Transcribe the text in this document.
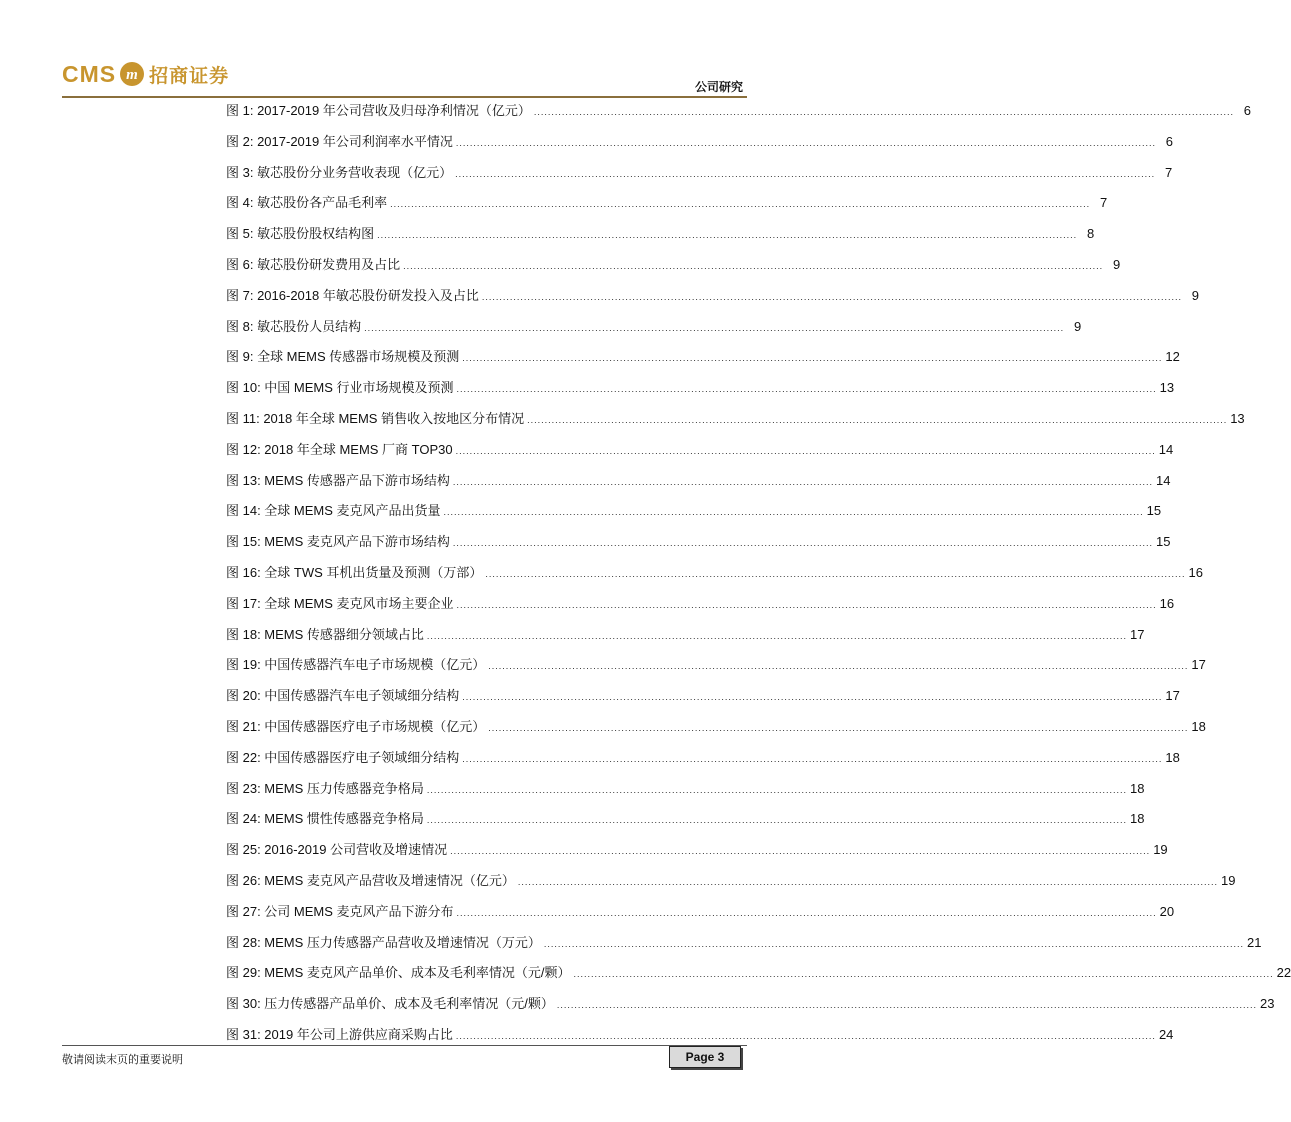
CMS m 招商证券
公司研究
图 1: 2017-2019 年公司营收及归母净利情况（亿元） ........................................................................................................................................................................................................ 6
图 2: 2017-2019 年公司利润率水平情况 ........................................................................................................................................................................................................ 6
图 3: 敏芯股份分业务营收表现（亿元） ........................................................................................................................................................................................................ 7
图 4: 敏芯股份各产品毛利率 ........................................................................................................................................................................................................ 7
图 5: 敏芯股份股权结构图 ........................................................................................................................................................................................................ 8
图 6: 敏芯股份研发费用及占比 ........................................................................................................................................................................................................ 9
图 7: 2016-2018 年敏芯股份研发投入及占比 ........................................................................................................................................................................................................ 9
图 8: 敏芯股份人员结构 ........................................................................................................................................................................................................ 9
图 9: 全球 MEMS 传感器市场规模及预测 ........................................................................................................................................................................................................ 12
图 10: 中国 MEMS 行业市场规模及预测 ........................................................................................................................................................................................................ 13
图 11: 2018 年全球 MEMS 销售收入按地区分布情况 ........................................................................................................................................................................................................ 13
图 12: 2018 年全球 MEMS 厂商 TOP30 ........................................................................................................................................................................................................ 14
图 13: MEMS 传感器产品下游市场结构 ........................................................................................................................................................................................................ 14
图 14: 全球 MEMS 麦克风产品出货量 ........................................................................................................................................................................................................ 15
图 15: MEMS 麦克风产品下游市场结构 ........................................................................................................................................................................................................ 15
图 16: 全球 TWS 耳机出货量及预测（万部） ........................................................................................................................................................................................................ 16
图 17: 全球 MEMS 麦克风市场主要企业 ........................................................................................................................................................................................................ 16
图 18: MEMS 传感器细分领域占比 ........................................................................................................................................................................................................ 17
图 19: 中国传感器汽车电子市场规模（亿元） ........................................................................................................................................................................................................ 17
图 20: 中国传感器汽车电子领域细分结构 ........................................................................................................................................................................................................ 17
图 21: 中国传感器医疗电子市场规模（亿元） ........................................................................................................................................................................................................ 18
图 22: 中国传感器医疗电子领域细分结构 ........................................................................................................................................................................................................ 18
图 23: MEMS 压力传感器竞争格局 ........................................................................................................................................................................................................ 18
图 24: MEMS 惯性传感器竞争格局 ........................................................................................................................................................................................................ 18
图 25: 2016-2019 公司营收及增速情况 ........................................................................................................................................................................................................ 19
图 26: MEMS 麦克风产品营收及增速情况（亿元） ........................................................................................................................................................................................................ 19
图 27: 公司 MEMS 麦克风产品下游分布 ........................................................................................................................................................................................................ 20
图 28: MEMS 压力传感器产品营收及增速情况（万元） ........................................................................................................................................................................................................ 21
图 29: MEMS 麦克风产品单价、成本及毛利率情况（元/颗） ........................................................................................................................................................................................................ 22
图 30: 压力传感器产品单价、成本及毛利率情况（元/颗） ........................................................................................................................................................................................................ 23
图 31: 2019 年公司上游供应商采购占比 ........................................................................................................................................................................................................ 24
敬请阅读末页的重要说明	Page 3
